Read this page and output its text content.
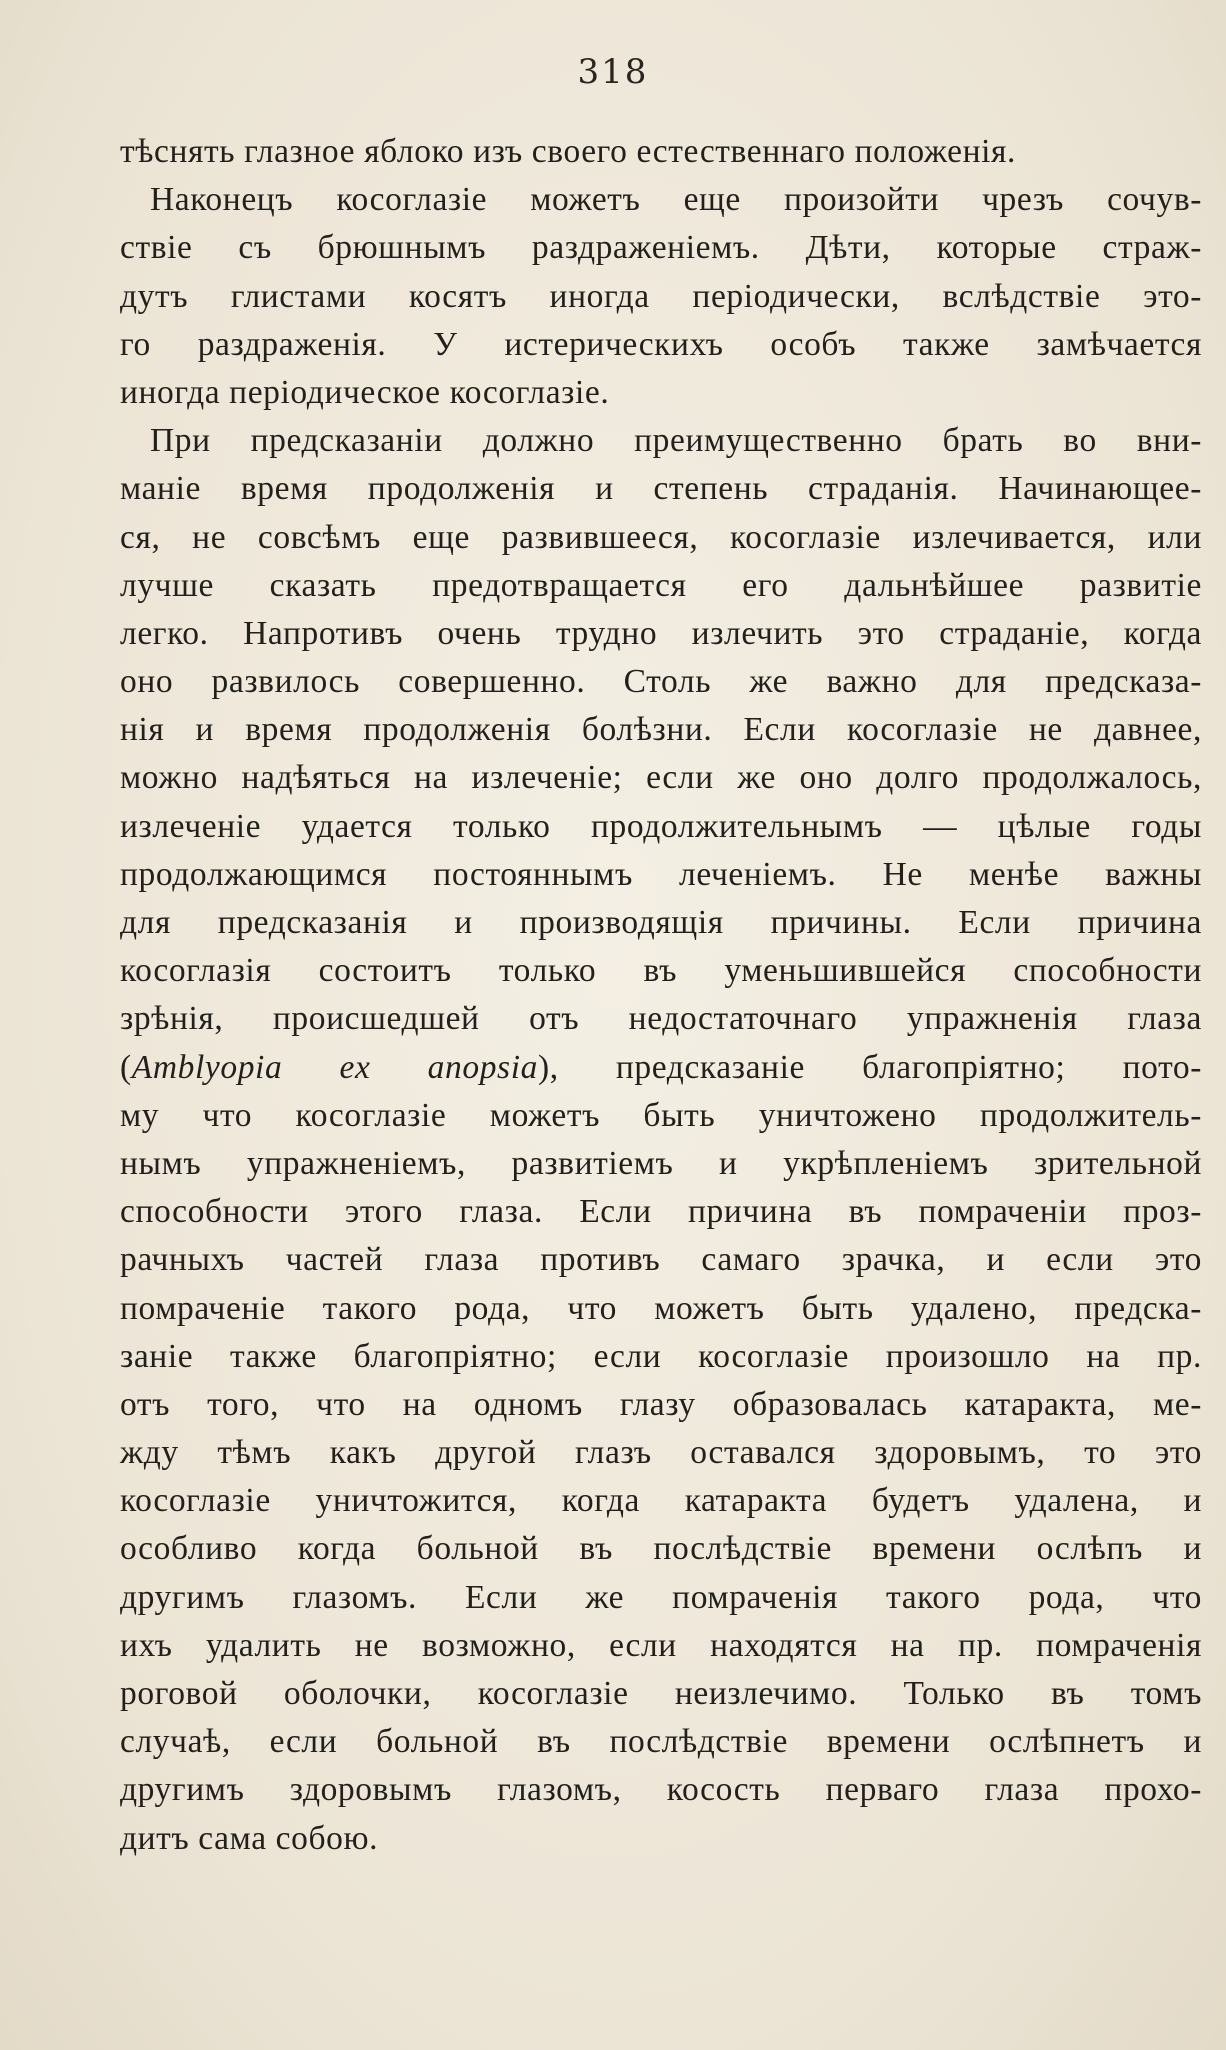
318
тѣснять глазное яблоко изъ своего естественнаго положенія.
Наконецъ косоглазіе можетъ еще произойти чрезъ сочув-
ствіе съ брюшнымъ раздраженіемъ. Дѣти, которые страж-
дутъ глистами косятъ иногда періодически, вслѣдствіе это-
го раздраженія. У истерическихъ особъ также замѣчается
иногда періодическое косоглазіе.
При предсказаніи должно преимущественно брать во вни-
маніе время продолженія и степень страданія. Начинающее-
ся, не совсѣмъ еще развившееся, косоглазіе излечивается, или
лучше сказать предотвращается его дальнѣйшее развитіе
легко. Напротивъ очень трудно излечить это страданіе, когда
оно развилось совершенно. Столь же важно для предсказа-
нія и время продолженія болѣзни. Если косоглазіе не давнее,
можно надѣяться на излеченіе; если же оно долго продолжалось,
излеченіе удается только продолжительнымъ — цѣлые годы
продолжающимся постояннымъ леченіемъ. Не менѣе важны
для предсказанія и производящія причины. Если причина
косоглазія состоитъ только въ уменьшившейся способности
зрѣнія, происшедшей отъ недостаточнаго упражненія глаза
(Amblyopia ex anopsia), предсказаніе благопріятно; пото-
му что косоглазіе можетъ быть уничтожено продолжитель-
нымъ упражненіемъ, развитіемъ и укрѣпленіемъ зрительной
способности этого глаза. Если причина въ помраченіи проз-
рачныхъ частей глаза противъ самаго зрачка, и если это
помраченіе такого рода, что можетъ быть удалено, предска-
заніе также благопріятно; если косоглазіе произошло на пр.
отъ того, что на одномъ глазу образовалась катаракта, ме-
жду тѣмъ какъ другой глазъ оставался здоровымъ, то это
косоглазіе уничтожится, когда катаракта будетъ удалена, и
особливо когда больной въ послѣдствіе времени ослѣпъ и
другимъ глазомъ. Если же помраченія такого рода, что
ихъ удалить не возможно, если находятся на пр. помраченія
роговой оболочки, косоглазіе неизлечимо. Только въ томъ
случаѣ, если больной въ послѣдствіе времени ослѣпнетъ и
другимъ здоровымъ глазомъ, косость перваго глаза прохо-
дитъ сама собою.
